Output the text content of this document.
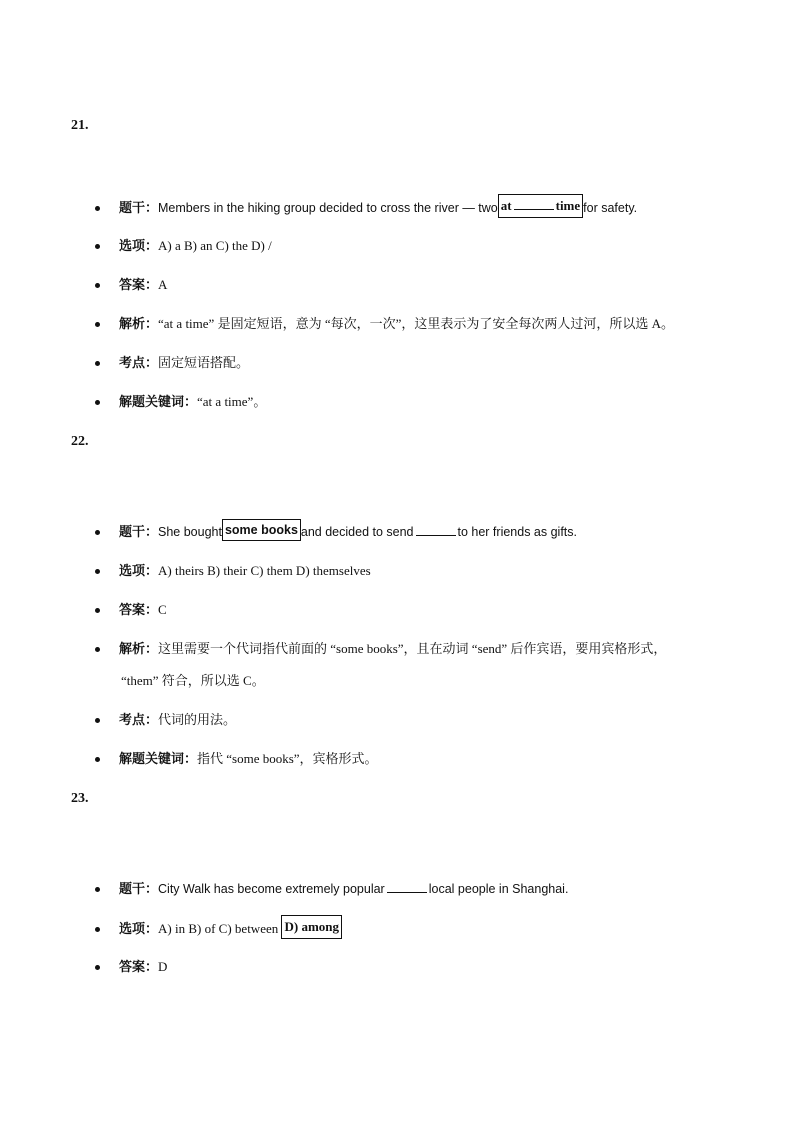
21.
题干：Members in the hiking group decided to cross the river — two at	time for safety.
选项：A) a B) an C) the D) /
答案：A
解析：“at a time” 是固定短语，意为 “每次，一次”，这里表示为了安全每次两人过河，所以选 A。
考点：固定短语搭配。
解题关键词：“at a time”。
22.
题干：She bought some books and decided to send	to her friends as gifts.
选项：A) theirs B) their C) them D) themselves
答案：C
解析：这里需要一个代词指代前面的 “some books”，且在动词 “send” 后作宾语，要用宾格形式，
“them” 符合，所以选 C。
考点：代词的用法。
解题关键词：指代 “some books”，宾格形式。
23.
题干：City Walk has become extremely popular	local people in Shanghai.
选项：A) in B) of C) between D) among
答案：D
